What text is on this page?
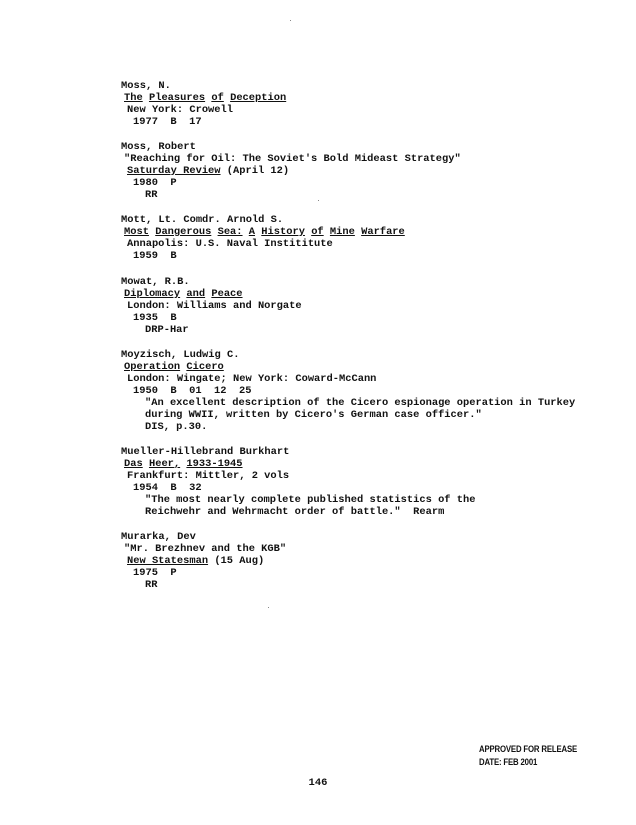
Moss, N.
The Pleasures of Deception
New York: Crowell
1977  B  17
Moss, Robert
"Reaching for Oil: The Soviet's Bold Mideast Strategy"
Saturday Review (April 12)
1980  P
RR
Mott, Lt. Comdr. Arnold S.
Most Dangerous Sea: A History of Mine Warfare
Annapolis: U.S. Naval Instititute
1959  B
Mowat, R.B.
Diplomacy and Peace
London: Williams and Norgate
1935  B
DRP-Har
Moyzisch, Ludwig C.
Operation Cicero
London: Wingate; New York: Coward-McCann
1950  B  01  12  25
"An excellent description of the Cicero espionage operation in Turkey
during WWII, written by Cicero's German case officer."
DIS, p.30.
Mueller-Hillebrand Burkhart
Das Heer, 1933-1945
Frankfurt: Mittler, 2 vols
1954  B  32
"The most nearly complete published statistics of the
Reichwehr and Wehrmacht order of battle."  Rearm
Murarka, Dev
"Mr. Brezhnev and the KGB"
New Statesman (15 Aug)
1975  P
RR
APPROVED FOR RELEASE
DATE: FEB 2001
146
